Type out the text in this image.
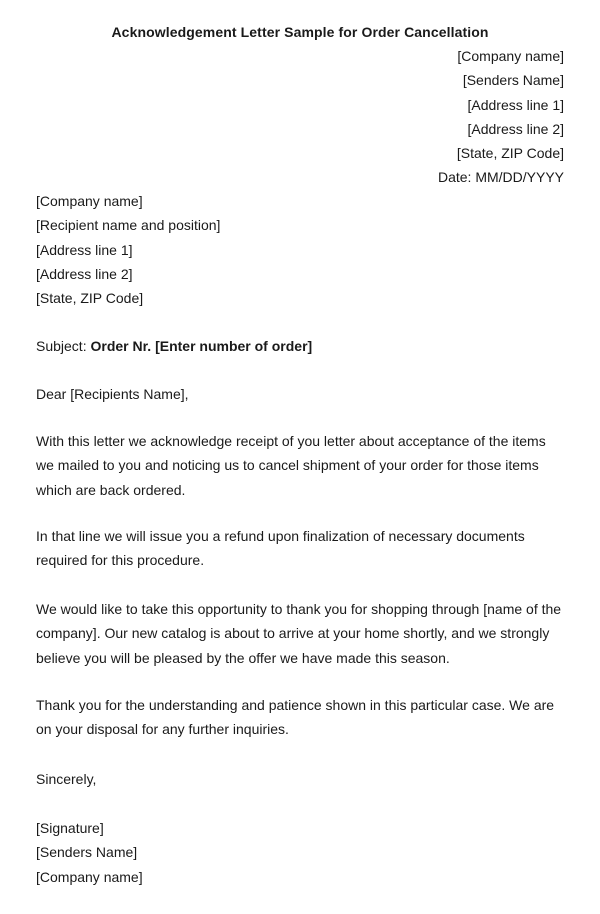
Acknowledgement Letter Sample for Order Cancellation
[Company name]
[Senders Name]
[Address line 1]
[Address line 2]
[State, ZIP Code]
Date: MM/DD/YYYY
[Company name]
[Recipient name and position]
[Address line 1]
[Address line 2]
[State, ZIP Code]
Subject: Order Nr. [Enter number of order]
Dear [Recipients Name],
With this letter we acknowledge receipt of you letter about acceptance of the items
we mailed to you and noticing us to cancel shipment of your order for those items
which are back ordered.
In that line we will issue you a refund upon finalization of necessary documents
required for this procedure.
We would like to take this opportunity to thank you for shopping through [name of the
company]. Our new catalog is about to arrive at your home shortly, and we strongly
believe you will be pleased by the offer we have made this season.
Thank you for the understanding and patience shown in this particular case. We are
on your disposal for any further inquiries.
Sincerely,
[Signature]
[Senders Name]
[Company name]
